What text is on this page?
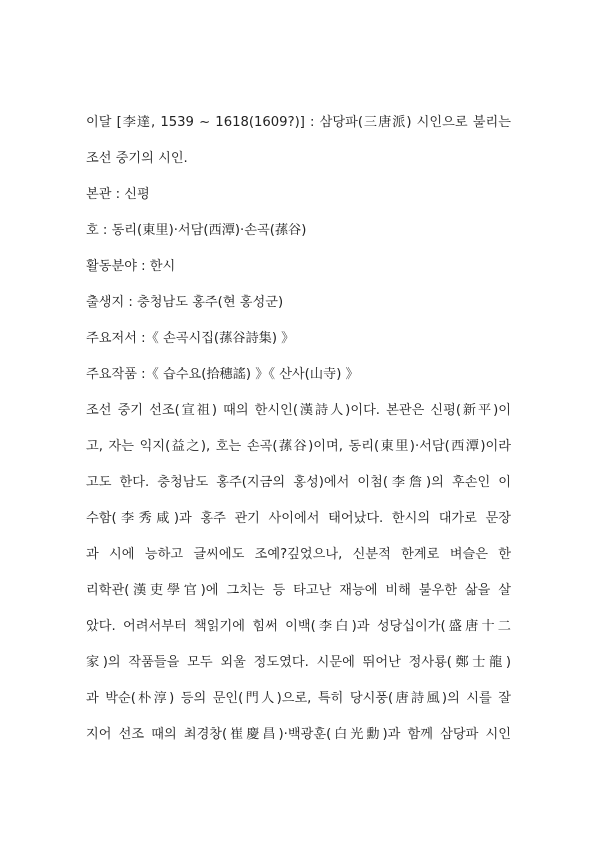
이달 [李達, 1539 ~ 1618(1609?)] : 삼당파(三唐派) 시인으로 불리는
조선 중기의 시인.
본관 : 신평
호 : 동리(東里)·서담(西潭)·손곡(蓀谷)
활동분야 : 한시
출생지 : 충청남도 홍주(현 홍성군)
주요저서 :《 손곡시집(蓀谷詩集) 》
주요작품 :《 습수요(拾穗謠) 》《 산사(山寺) 》
조선 중기 선조(宣祖) 때의 한시인(漢詩人)이다. 본관은 신평(新平)이
고, 자는 익지(益之), 호는 손곡(蓀谷)이며, 동리(東里)·서담(西潭)이라
고도 한다. 충청남도 홍주(지금의 홍성)에서 이첨(李詹)의 후손인 이
수함(李秀咸)과 홍주 관기 사이에서 태어났다. 한시의 대가로 문장
과 시에 능하고 글씨에도 조예?깊었으나, 신분적 한계로 벼슬은 한
리학관(漢吏學官)에 그치는 등 타고난 재능에 비해 불우한 삶을 살
았다. 어려서부터 책읽기에 힘써 이백(李白)과 성당십이가(盛唐十二
家)의 작품들을 모두 외울 정도였다. 시문에 뛰어난 정사룡(鄭士龍)
과 박순(朴淳) 등의 문인(門人)으로, 특히 당시풍(唐詩風)의 시를 잘
지어 선조 때의 최경창(崔慶昌)·백광훈(白光勳)과 함께 삼당파 시인
